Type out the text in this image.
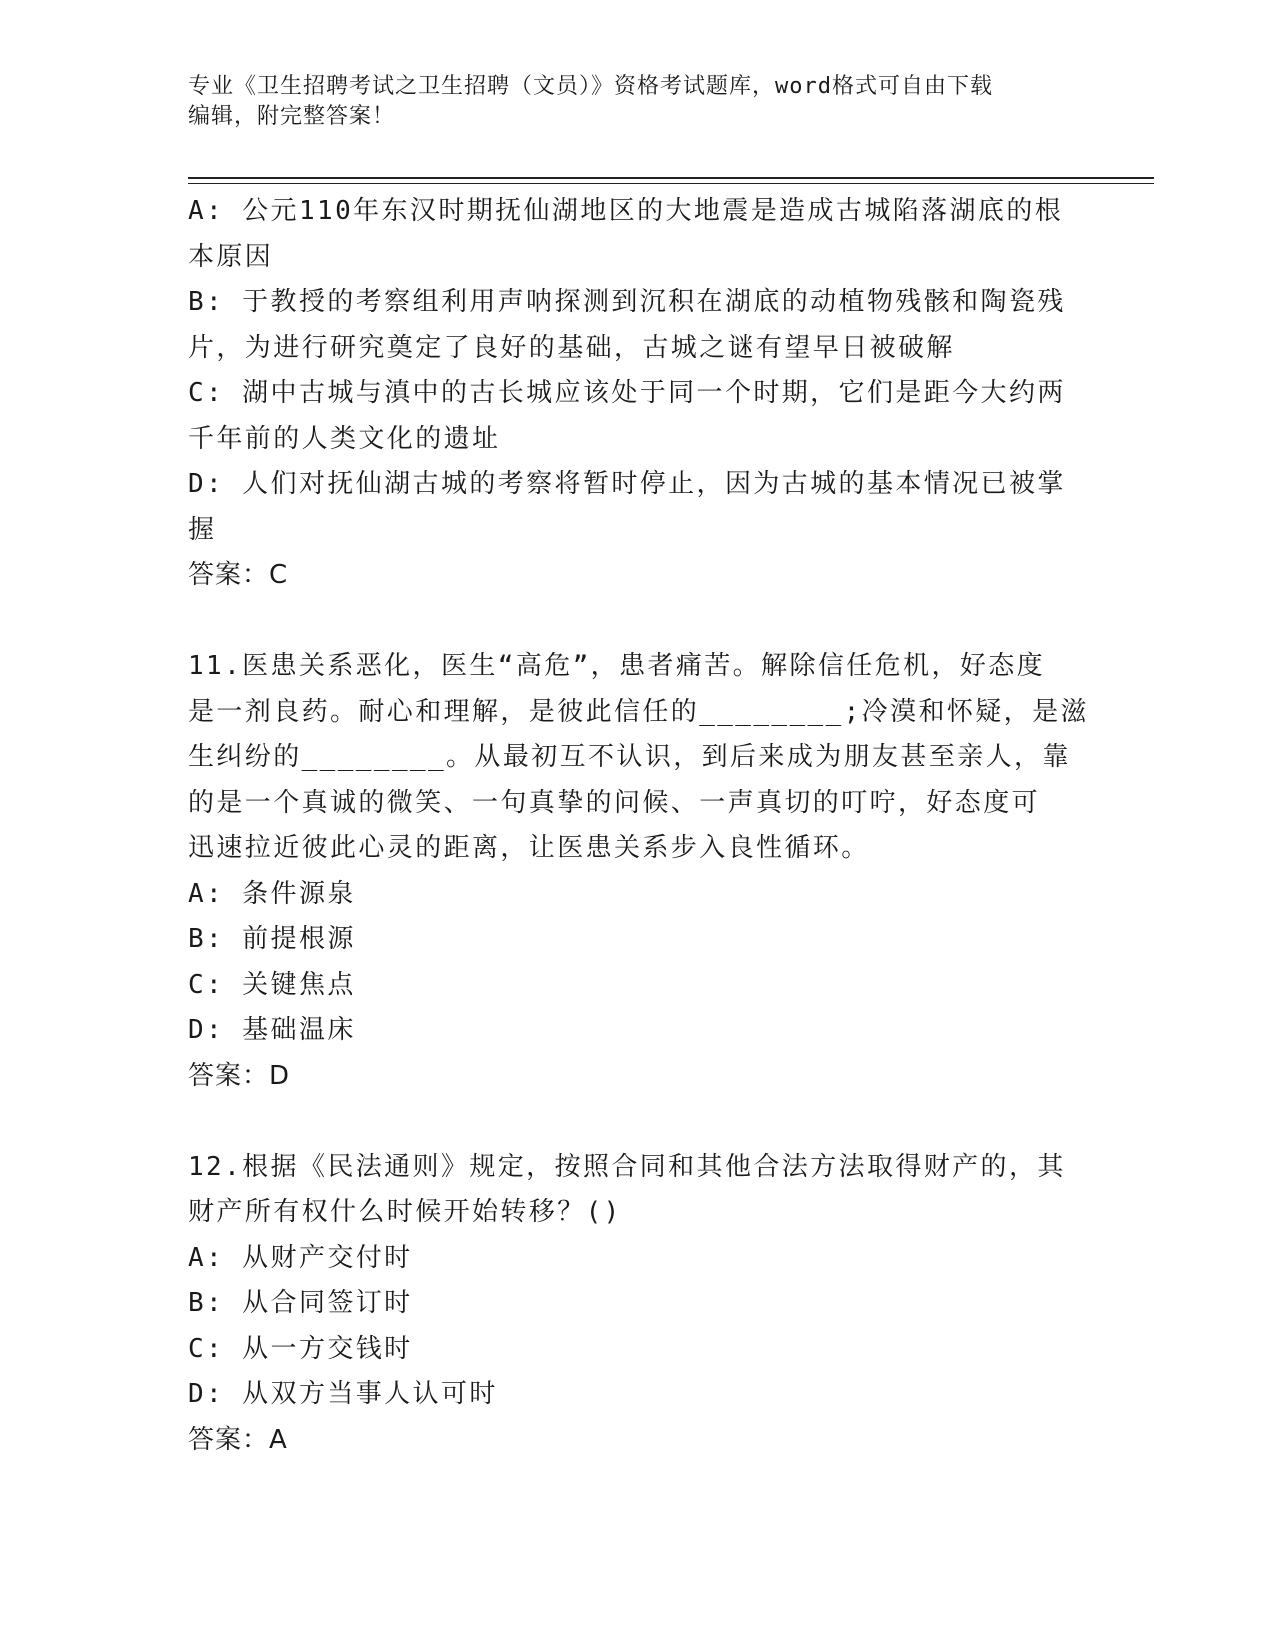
专业《卫生招聘考试之卫生招聘（文员）》资格考试题库，word格式可自由下载
编辑，附完整答案！
A: 公元110年东汉时期抚仙湖地区的大地震是造成古城陷落湖底的根
本原因
B: 于教授的考察组利用声呐探测到沉积在湖底的动植物残骸和陶瓷残
片，为进行研究奠定了良好的基础，古城之谜有望早日被破解
C: 湖中古城与滇中的古长城应该处于同一个时期，它们是距今大约两
千年前的人类文化的遗址
D: 人们对抚仙湖古城的考察将暂时停止，因为古城的基本情况已被掌
握
答案：C
11.医患关系恶化，医生“高危”，患者痛苦。解除信任危机，好态度
是一剂良药。耐心和理解，是彼此信任的________;冷漠和怀疑，是滋
生纠纷的________。从最初互不认识，到后来成为朋友甚至亲人，靠
的是一个真诚的微笑、一句真挚的问候、一声真切的叮咛，好态度可
迅速拉近彼此心灵的距离，让医患关系步入良性循环。
A: 条件源泉
B: 前提根源
C: 关键焦点
D: 基础温床
答案：D
12.根据《民法通则》规定，按照合同和其他合法方法取得财产的，其
财产所有权什么时候开始转移？()
A: 从财产交付时
B: 从合同签订时
C: 从一方交钱时
D: 从双方当事人认可时
答案：A
